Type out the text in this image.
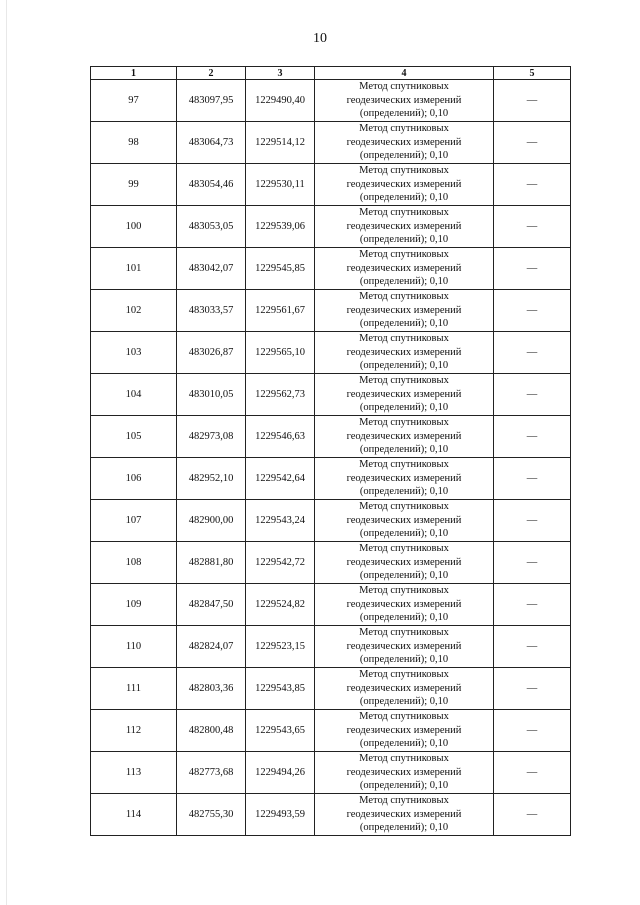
10
1	2	3	4	5
97	483097,95	1229490,40	Метод спутниковых
геодезических измерений
(определений); 0,10	—
98	483064,73	1229514,12	Метод спутниковых
геодезических измерений
(определений); 0,10	—
99	483054,46	1229530,11	Метод спутниковых
геодезических измерений
(определений); 0,10	—
100	483053,05	1229539,06	Метод спутниковых
геодезических измерений
(определений); 0,10	—
101	483042,07	1229545,85	Метод спутниковых
геодезических измерений
(определений); 0,10	—
102	483033,57	1229561,67	Метод спутниковых
геодезических измерений
(определений); 0,10	—
103	483026,87	1229565,10	Метод спутниковых
геодезических измерений
(определений); 0,10	—
104	483010,05	1229562,73	Метод спутниковых
геодезических измерений
(определений); 0,10	—
105	482973,08	1229546,63	Метод спутниковых
геодезических измерений
(определений); 0,10	—
106	482952,10	1229542,64	Метод спутниковых
геодезических измерений
(определений); 0,10	—
107	482900,00	1229543,24	Метод спутниковых
геодезических измерений
(определений); 0,10	—
108	482881,80	1229542,72	Метод спутниковых
геодезических измерений
(определений); 0,10	—
109	482847,50	1229524,82	Метод спутниковых
геодезических измерений
(определений); 0,10	—
110	482824,07	1229523,15	Метод спутниковых
геодезических измерений
(определений); 0,10	—
111	482803,36	1229543,85	Метод спутниковых
геодезических измерений
(определений); 0,10	—
112	482800,48	1229543,65	Метод спутниковых
геодезических измерений
(определений); 0,10	—
113	482773,68	1229494,26	Метод спутниковых
геодезических измерений
(определений); 0,10	—
114	482755,30	1229493,59	Метод спутниковых
геодезических измерений
(определений); 0,10	—
